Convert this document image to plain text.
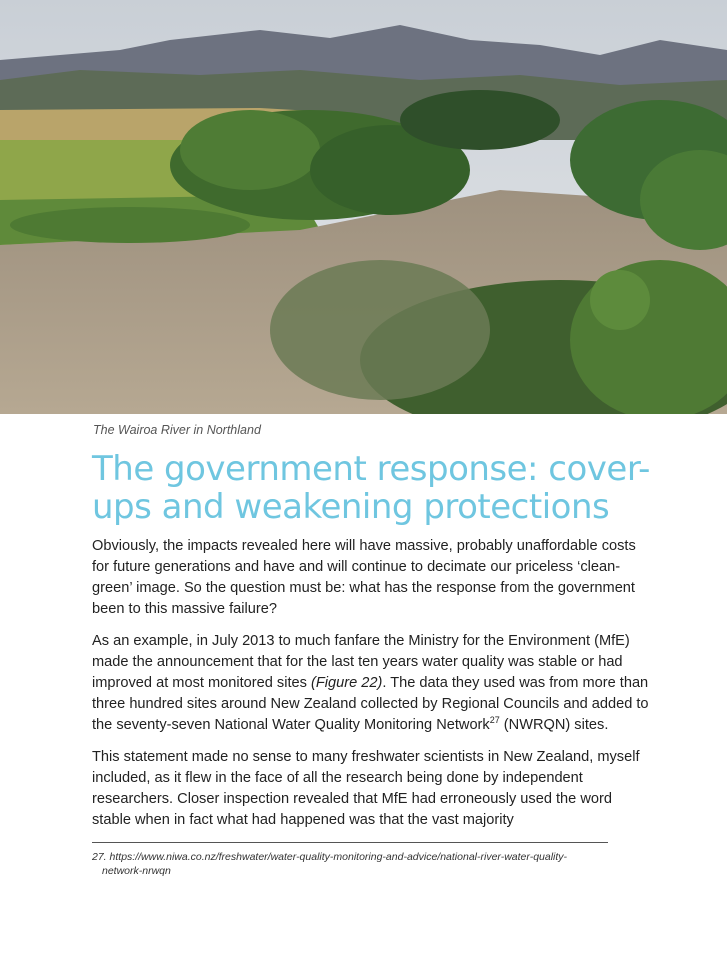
The Wairoa River in Northland
The government response: cover-ups and weakening protections

Obviously, the impacts revealed here will have massive, probably unaffordable costs for future generations and have and will continue to decimate our priceless ‘clean-green’ image. So the question must be: what has the response from the government been to this massive failure?

As an example, in July 2013 to much fanfare the Ministry for the Environment (MfE) made the announcement that for the last ten years water quality was stable or had improved at most monitored sites (Figure 22). The data they used was from more than three hundred sites around New Zealand collected by Regional Councils and added to the seventy-seven National Water Quality Monitoring Network$^{27}$ (NWRQN) sites.

This statement made no sense to many freshwater scientists in New Zealand, myself included, as it flew in the face of all the research being done by independent researchers. Closer inspection revealed that MfE had erroneously used the word stable when in fact what had happened was that the vast majority

27. https://www.niwa.co.nz/freshwater/water-quality-monitoring-and-advice/national-river-water-quality-
network-nrwqn
